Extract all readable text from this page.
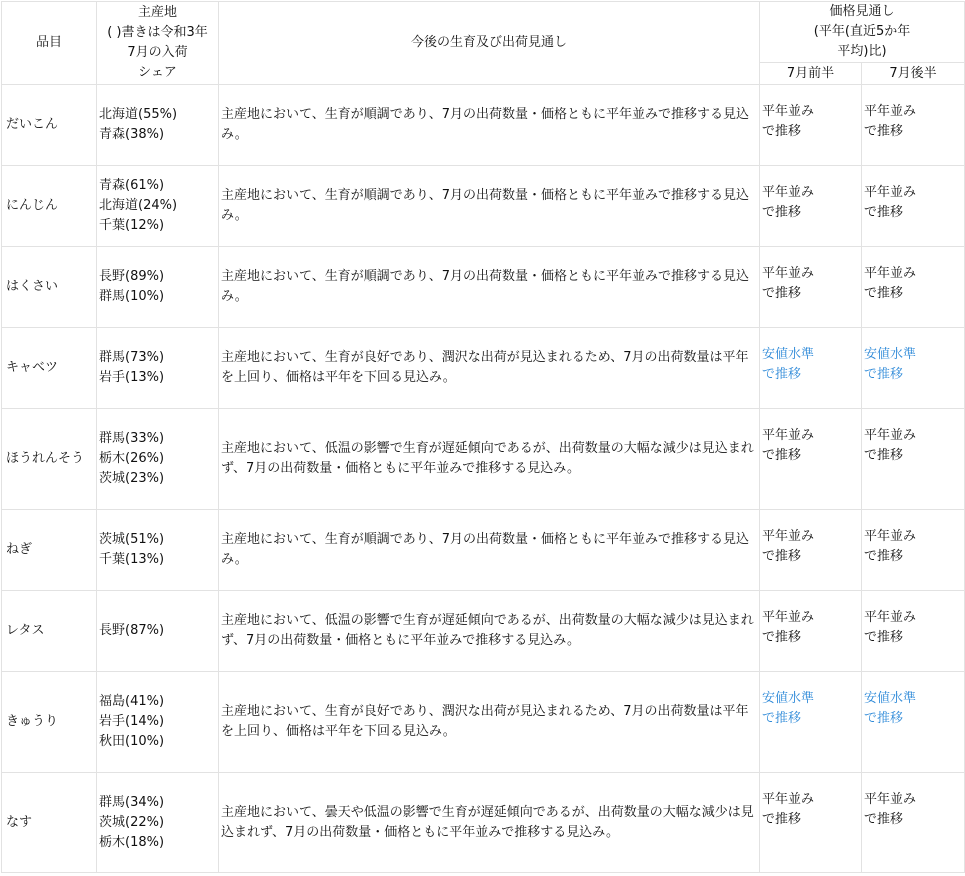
品目	主産地
( )書きは令和3年
7月の入荷
シェア	今後の生育及び出荷見通し	価格見通し
(平年(直近5か年
平均)比)	

			7月前半	7月後半
だいこん	北海道(55%)
青森(38%)	主産地において、生育が順調であり、7月の出荷数量・価格ともに平年並みで推移する見込み。	平年並み
で推移	平年並み
で推移

にんじん	青森(61%)
北海道(24%)
千葉(12%)	主産地において、生育が順調であり、7月の出荷数量・価格ともに平年並みで推移する見込み。	平年並み
で推移	平年並み
で推移

はくさい	長野(89%)
群馬(10%)	主産地において、生育が順調であり、7月の出荷数量・価格ともに平年並みで推移する見込み。	平年並み
で推移	平年並み
で推移

キャベツ	群馬(73%)
岩手(13%)	主産地において、生育が良好であり、潤沢な出荷が見込まれるため、7月の出荷数量は平年を上回り、価格は平年を下回る見込み。	安値水準
で推移	安値水準
で推移

ほうれんそう	群馬(33%)
栃木(26%)
茨城(23%)	主産地において、低温の影響で生育が遅延傾向であるが、出荷数量の大幅な減少は見込まれず、7月の出荷数量・価格ともに平年並みで推移する見込み。	平年並み
で推移	平年並み
で推移

ねぎ	茨城(51%)
千葉(13%)	主産地において、生育が順調であり、7月の出荷数量・価格ともに平年並みで推移する見込み。	平年並み
で推移	平年並み
で推移

レタス	長野(87%)	主産地において、低温の影響で生育が遅延傾向であるが、出荷数量の大幅な減少は見込まれず、7月の出荷数量・価格ともに平年並みで推移する見込み。	平年並み
で推移	平年並み
で推移

きゅうり	福島(41%)
岩手(14%)
秋田(10%)	主産地において、生育が良好であり、潤沢な出荷が見込まれるため、7月の出荷数量は平年を上回り、価格は平年を下回る見込み。	安値水準
で推移	安値水準
で推移

なす	群馬(34%)
茨城(22%)
栃木(18%)	主産地において、曇天や低温の影響で生育が遅延傾向であるが、出荷数量の大幅な減少は見込まれず、7月の出荷数量・価格ともに平年並みで推移する見込み。	平年並み
で推移	平年並み
で推移
